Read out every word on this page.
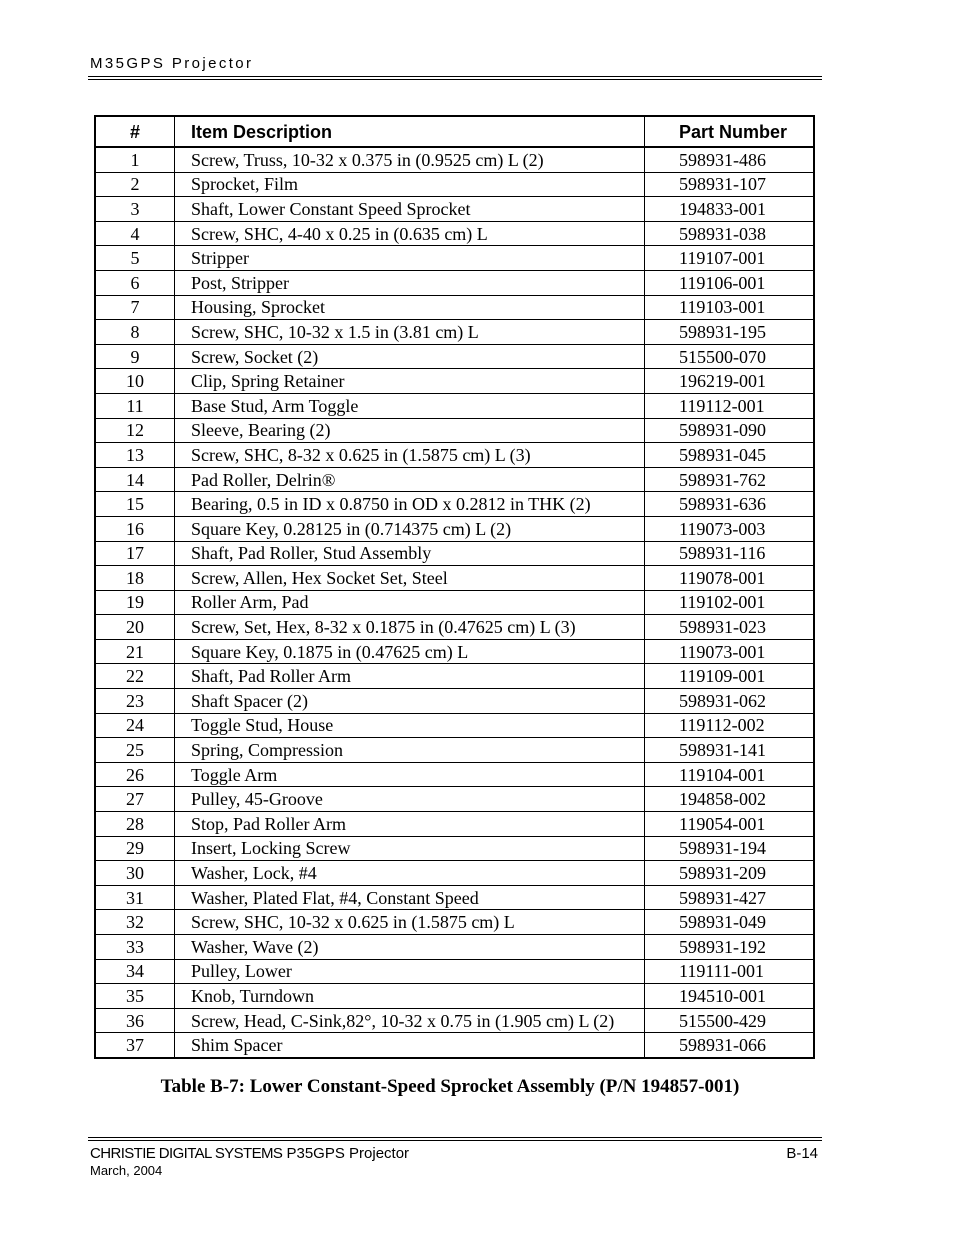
M35GPS Projector
#	Item Description	Part Number
1	Screw, Truss, 10-32 x 0.375 in (0.9525 cm) L (2)	598931-486
2	Sprocket, Film	598931-107
3	Shaft, Lower Constant Speed Sprocket	194833-001
4	Screw, SHC, 4-40 x 0.25 in (0.635 cm) L	598931-038
5	Stripper	119107-001
6	Post, Stripper	119106-001
7	Housing, Sprocket	119103-001
8	Screw, SHC, 10-32 x 1.5 in (3.81 cm) L	598931-195
9	Screw, Socket (2)	515500-070
10	Clip, Spring Retainer	196219-001
11	Base Stud, Arm Toggle	119112-001
12	Sleeve, Bearing (2)	598931-090
13	Screw, SHC, 8-32 x 0.625 in (1.5875 cm) L (3)	598931-045
14	Pad Roller, Delrin®	598931-762
15	Bearing, 0.5 in ID x 0.8750 in OD x 0.2812 in THK (2)	598931-636
16	Square Key, 0.28125 in (0.714375 cm) L (2)	119073-003
17	Shaft, Pad Roller, Stud Assembly	598931-116
18	Screw, Allen, Hex Socket Set, Steel	119078-001
19	Roller Arm, Pad	119102-001
20	Screw, Set, Hex, 8-32 x 0.1875 in (0.47625 cm) L (3)	598931-023
21	Square Key, 0.1875 in (0.47625 cm) L	119073-001
22	Shaft, Pad Roller Arm	119109-001
23	Shaft Spacer (2)	598931-062
24	Toggle Stud, House	119112-002
25	Spring, Compression	598931-141
26	Toggle Arm	119104-001
27	Pulley, 45-Groove	194858-002
28	Stop, Pad Roller Arm	119054-001
29	Insert, Locking Screw	598931-194
30	Washer, Lock, #4	598931-209
31	Washer, Plated Flat, #4, Constant Speed	598931-427
32	Screw, SHC, 10-32 x 0.625 in (1.5875 cm) L	598931-049
33	Washer, Wave (2)	598931-192
34	Pulley, Lower	119111-001
35	Knob, Turndown	194510-001
36	Screw, Head, C-Sink,82°, 10-32 x 0.75 in (1.905 cm) L (2)	515500-429
37	Shim Spacer	598931-066
Table B-7: Lower Constant-Speed Sprocket Assembly (P/N 194857-001)
CHRISTIE DIGITAL SYSTEMS P35GPS Projector
March, 2004
B-14
